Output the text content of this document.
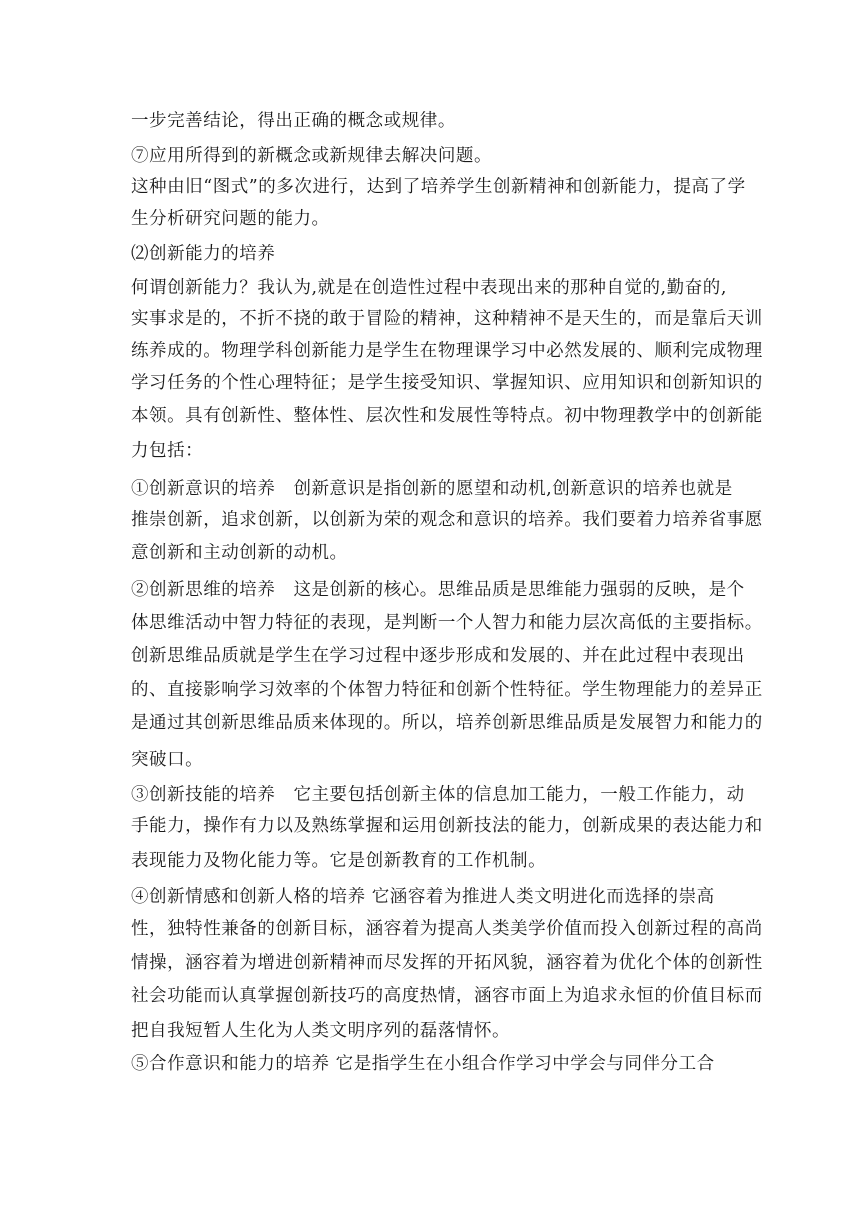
一步完善结论，得出正确的概念或规律。
⑦应用所得到的新概念或新规律去解决问题。
这种由旧“图式”的多次进行，达到了培养学生创新精神和创新能力，提高了学
生分析研究问题的能力。
⑵创新能力的培养
何谓创新能力？我认为,就是在创造性过程中表现出来的那种自觉的,勤奋的,
实事求是的，不折不挠的敢于冒险的精神，这种精神不是天生的，而是靠后天训
练养成的。物理学科创新能力是学生在物理课学习中必然发展的、顺利完成物理
学习任务的个性心理特征；是学生接受知识、掌握知识、应用知识和创新知识的
本领。具有创新性、整体性、层次性和发展性等特点。初中物理教学中的创新能
力包括：
①创新意识的培养　创新意识是指创新的愿望和动机,创新意识的培养也就是
推崇创新，追求创新，以创新为荣的观念和意识的培养。我们要着力培养省事愿
意创新和主动创新的动机。
②创新思维的培养　这是创新的核心。思维品质是思维能力强弱的反映，是个
体思维活动中智力特征的表现，是判断一个人智力和能力层次高低的主要指标。
创新思维品质就是学生在学习过程中逐步形成和发展的、并在此过程中表现出
的、直接影响学习效率的个体智力特征和创新个性特征。学生物理能力的差异正
是通过其创新思维品质来体现的。所以，培养创新思维品质是发展智力和能力的
突破口。
③创新技能的培养　它主要包括创新主体的信息加工能力，一般工作能力，动
手能力，操作有力以及熟练掌握和运用创新技法的能力，创新成果的表达能力和
表现能力及物化能力等。它是创新教育的工作机制。
④创新情感和创新人格的培养 它涵容着为推进人类文明进化而选择的崇高
性，独特性兼备的创新目标，涵容着为提高人类美学价值而投入创新过程的高尚
情操，涵容着为增进创新精神而尽发挥的开拓风貌，涵容着为优化个体的创新性
社会功能而认真掌握创新技巧的高度热情，涵容市面上为追求永恒的价值目标而
把自我短暂人生化为人类文明序列的磊落情怀。
⑤合作意识和能力的培养 它是指学生在小组合作学习中学会与同伴分工合
